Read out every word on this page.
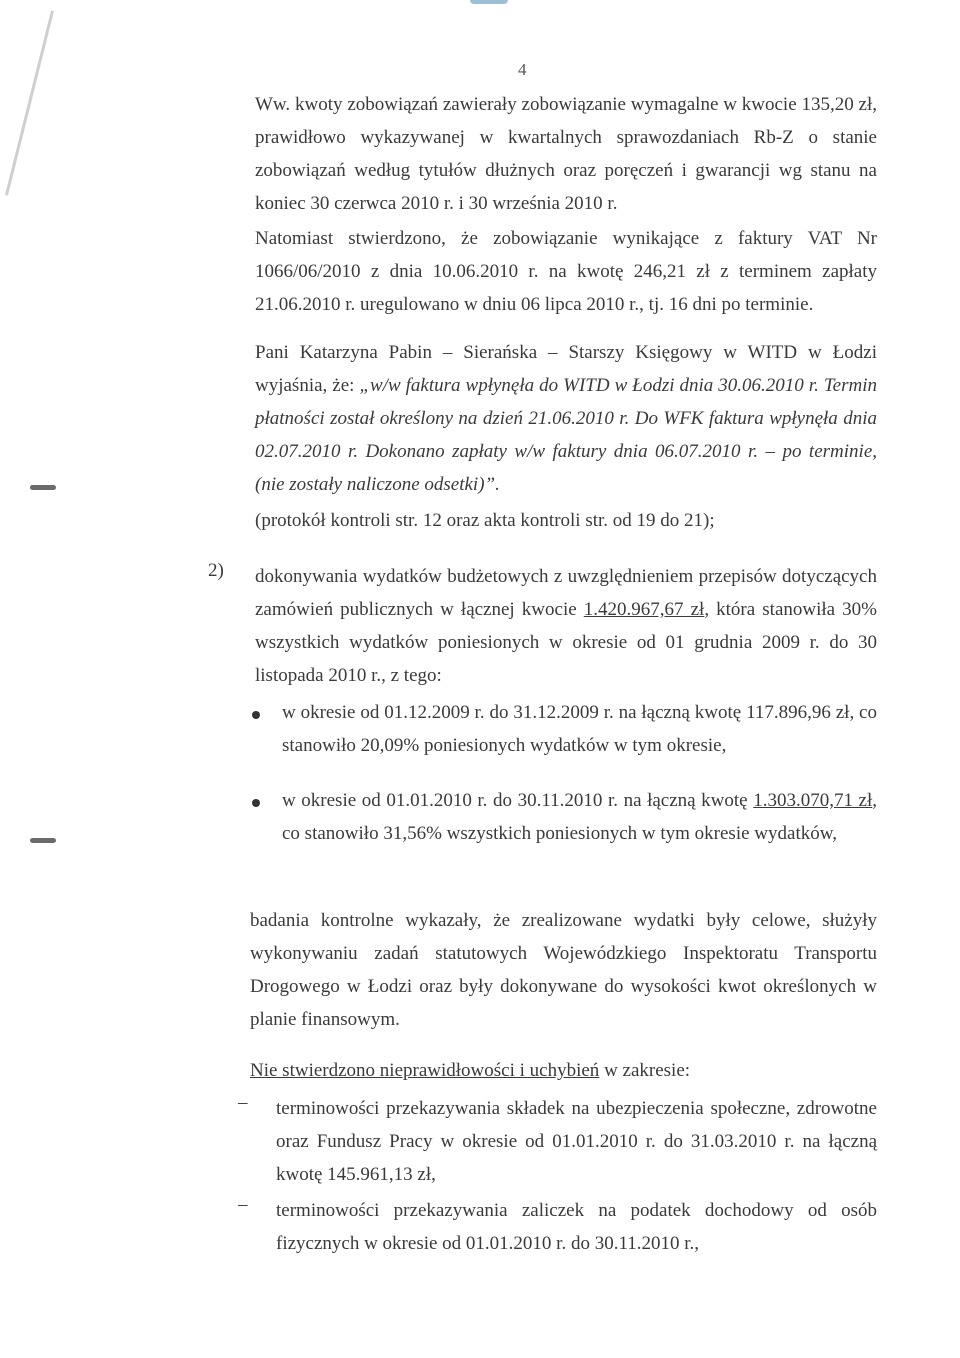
4

Ww. kwoty zobowiązań zawierały zobowiązanie wymagalne w kwocie 135,20 zł, prawidłowo wykazywanej w kwartalnych sprawozdaniach Rb-Z o stanie zobowiązań według tytułów dłużnych oraz poręczeń i gwarancji wg stanu na koniec 30 czerwca 2010 r. i 30 września 2010 r.

Natomiast stwierdzono, że zobowiązanie wynikające z faktury VAT Nr 1066/06/2010 z dnia 10.06.2010 r. na kwotę 246,21 zł z terminem zapłaty 21.06.2010 r. uregulowano w dniu 06 lipca 2010 r., tj. 16 dni po terminie.

Pani Katarzyna Pabin – Sierańska – Starszy Księgowy w WITD w Łodzi wyjaśnia, że: „w/w faktura wpłynęła do WITD w Łodzi dnia 30.06.2010 r. Termin płatności został określony na dzień 21.06.2010 r. Do WFK faktura wpłynęła dnia 02.07.2010 r. Dokonano zapłaty w/w faktury dnia 06.07.2010 r. – po terminie, (nie zostały naliczone odsetki)”.

(protokół kontroli str. 12 oraz akta kontroli str. od 19 do 21);

2) dokonywania wydatków budżetowych z uwzględnieniem przepisów dotyczących zamówień publicznych w łącznej kwocie 1.420.967,67 zł, która stanowiła 30% wszystkich wydatków poniesionych w okresie od 01 grudnia 2009 r. do 30 listopada 2010 r., z tego:

w okresie od 01.12.2009 r. do 31.12.2009 r. na łączną kwotę 117.896,96 zł, co stanowiło 20,09% poniesionych wydatków w tym okresie,

w okresie od 01.01.2010 r. do 30.11.2010 r. na łączną kwotę 1.303.070,71 zł, co stanowiło 31,56% wszystkich poniesionych w tym okresie wydatków,

badania kontrolne wykazały, że zrealizowane wydatki były celowe, służyły wykonywaniu zadań statutowych Wojewódzkiego Inspektoratu Transportu Drogowego w Łodzi oraz były dokonywane do wysokości kwot określonych w planie finansowym.

Nie stwierdzono nieprawidłowości i uchybień w zakresie:

– terminowości przekazywania składek na ubezpieczenia społeczne, zdrowotne oraz Fundusz Pracy w okresie od 01.01.2010 r. do 31.03.2010 r. na łączną kwotę 145.961,13 zł,

– terminowości przekazywania zaliczek na podatek dochodowy od osób fizycznych w okresie od 01.01.2010 r. do 30.11.2010 r.,
